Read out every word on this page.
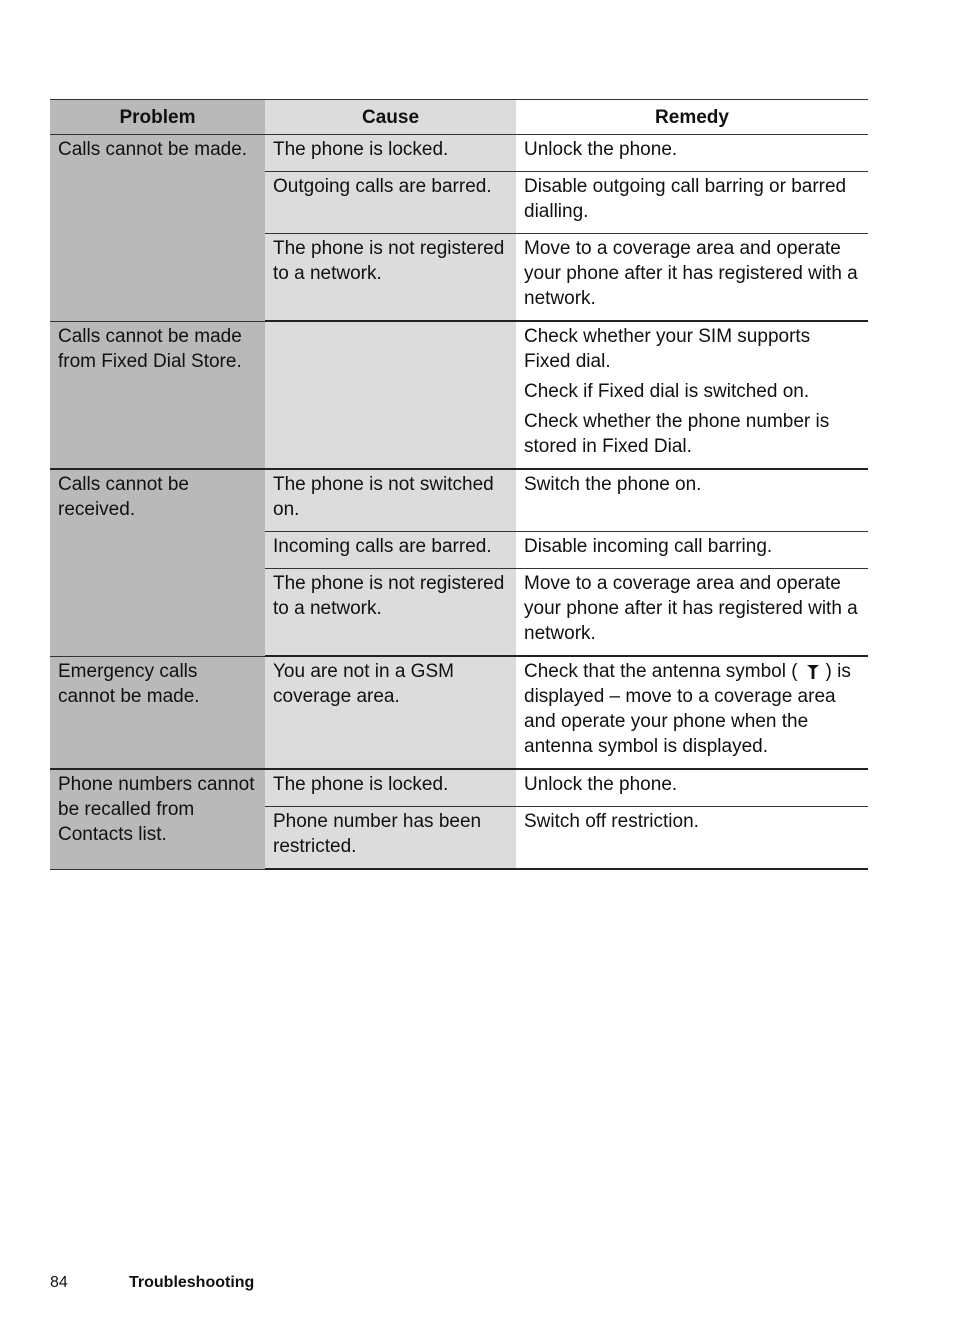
Problem	Cause	Remedy

Calls cannot be made.	The phone is locked.	Unlock the phone.

	Outgoing calls are barred.	Disable outgoing call barring or barred dialling.

	The phone is not registered to a network.	Move to a coverage area and operate your phone after it has registered with a network.

Calls cannot be made from Fixed Dial Store.		Check whether your SIM supports Fixed dial.
Check if Fixed dial is switched on.
Check whether the phone number is stored in Fixed Dial.

Calls cannot be received.	The phone is not switched on.	Switch the phone on.

	Incoming calls are barred.	Disable incoming call barring.

	The phone is not registered to a network.	Move to a coverage area and operate your phone after it has registered with a network.

Emergency calls cannot be made.	You are not in a GSM coverage area.	Check that the antenna symbol ( ) is displayed – move to a coverage area and operate your phone when the antenna symbol is displayed.

Phone numbers cannot be recalled from Contacts list.	The phone is locked.	Unlock the phone.

	Phone number has been restricted.	Switch off restriction.
84	Troubleshooting
